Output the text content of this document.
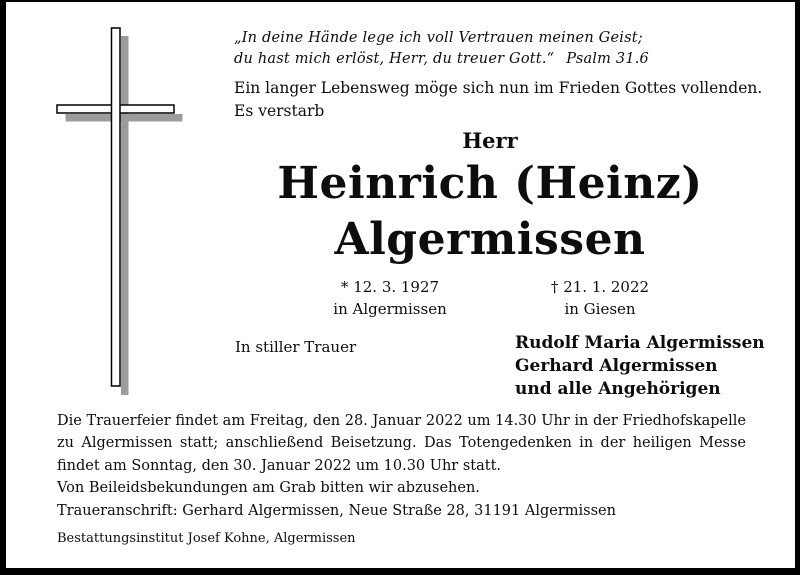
„In deine Hände lege ich voll Vertrauen meinen Geist;
du hast mich erlöst, Herr, du treuer Gott.“ Psalm 31.6
Ein langer Lebensweg möge sich nun im Frieden Gottes vollenden.
Es verstarb
Herr
Heinrich (Heinz)
Algermissen
* 12. 3. 1927
in Algermissen
† 21. 1. 2022
in Giesen
In stiller Trauer	Rudolf Maria Algermissen
Gerhard Algermissen
und alle Angehörigen
Die Trauerfeier findet am Freitag, den 28. Januar 2022 um 14.30 Uhr in der Friedhofskapelle
zu Algermissen statt; anschließend Beisetzung. Das Totengedenken in der heiligen Messe
findet am Sonntag, den 30. Januar 2022 um 10.30 Uhr statt.
Von Beileidsbekundungen am Grab bitten wir abzusehen.
Traueranschrift: Gerhard Algermissen, Neue Straße 28, 31191 Algermissen
Bestattungsinstitut Josef Kohne, Algermissen
